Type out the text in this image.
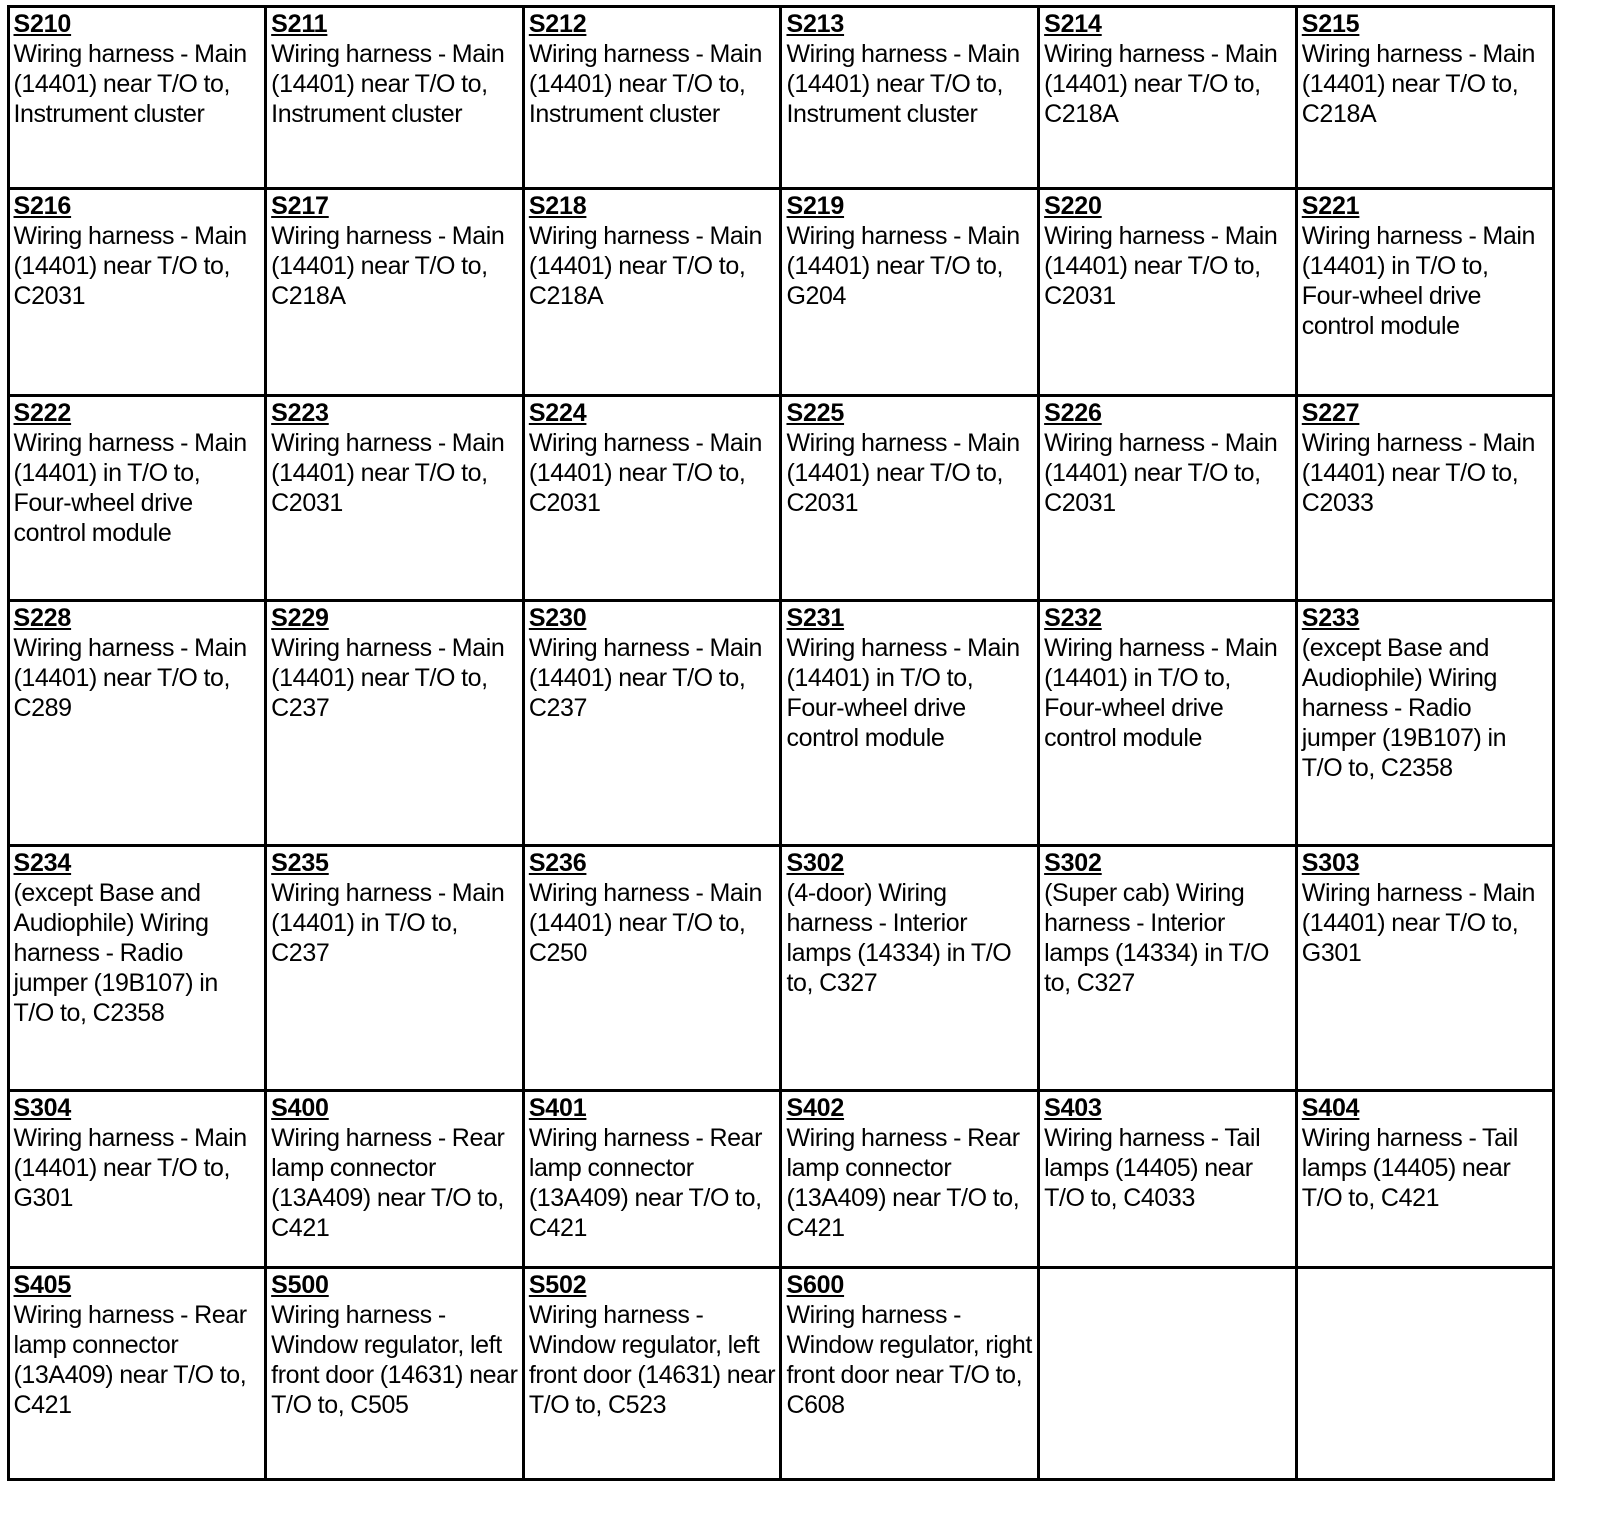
S210
Wiring harness - Main (14401) near T/O to, Instrument cluster
S211
Wiring harness - Main (14401) near T/O to, Instrument cluster
S212
Wiring harness - Main (14401) near T/O to, Instrument cluster
S213
Wiring harness - Main (14401) near T/O to, Instrument cluster
S214
Wiring harness - Main (14401) near T/O to, C218A
S215
Wiring harness - Main (14401) near T/O to, C218A
S216
Wiring harness - Main (14401) near T/O to, C2031
S217
Wiring harness - Main (14401) near T/O to, C218A
S218
Wiring harness - Main (14401) near T/O to, C218A
S219
Wiring harness - Main (14401) near T/O to, G204
S220
Wiring harness - Main (14401) near T/O to, C2031
S221
Wiring harness - Main (14401) in T/O to, Four-wheel drive control module
S222
Wiring harness - Main (14401) in T/O to, Four-wheel drive control module
S223
Wiring harness - Main (14401) near T/O to, C2031
S224
Wiring harness - Main (14401) near T/O to, C2031
S225
Wiring harness - Main (14401) near T/O to, C2031
S226
Wiring harness - Main (14401) near T/O to, C2031
S227
Wiring harness - Main (14401) near T/O to, C2033
S228
Wiring harness - Main (14401) near T/O to, C289
S229
Wiring harness - Main (14401) near T/O to, C237
S230
Wiring harness - Main (14401) near T/O to, C237
S231
Wiring harness - Main (14401) in T/O to, Four-wheel drive control module
S232
Wiring harness - Main (14401) in T/O to, Four-wheel drive control module
S233
(except Base and Audiophile) Wiring harness - Radio jumper (19B107) in T/O to, C2358
S234
(except Base and Audiophile) Wiring harness - Radio jumper (19B107) in T/O to, C2358
S235
Wiring harness - Main (14401) in T/O to, C237
S236
Wiring harness - Main (14401) near T/O to, C250
S302
(4-door) Wiring harness - Interior lamps (14334) in T/O to, C327
S302
(Super cab) Wiring harness - Interior lamps (14334) in T/O to, C327
S303
Wiring harness - Main (14401) near T/O to, G301
S304
Wiring harness - Main (14401) near T/O to, G301
S400
Wiring harness - Rear lamp connector (13A409) near T/O to, C421
S401
Wiring harness - Rear lamp connector (13A409) near T/O to, C421
S402
Wiring harness - Rear lamp connector (13A409) near T/O to, C421
S403
Wiring harness - Tail lamps (14405) near T/O to, C4033
S404
Wiring harness - Tail lamps (14405) near T/O to, C421
S405
Wiring harness - Rear lamp connector (13A409) near T/O to, C421
S500
Wiring harness - Window regulator, left front door (14631) near T/O to, C505
S502
Wiring harness - Window regulator, left front door (14631) near T/O to, C523
S600
Wiring harness - Window regulator, right front door near T/O to, C608
